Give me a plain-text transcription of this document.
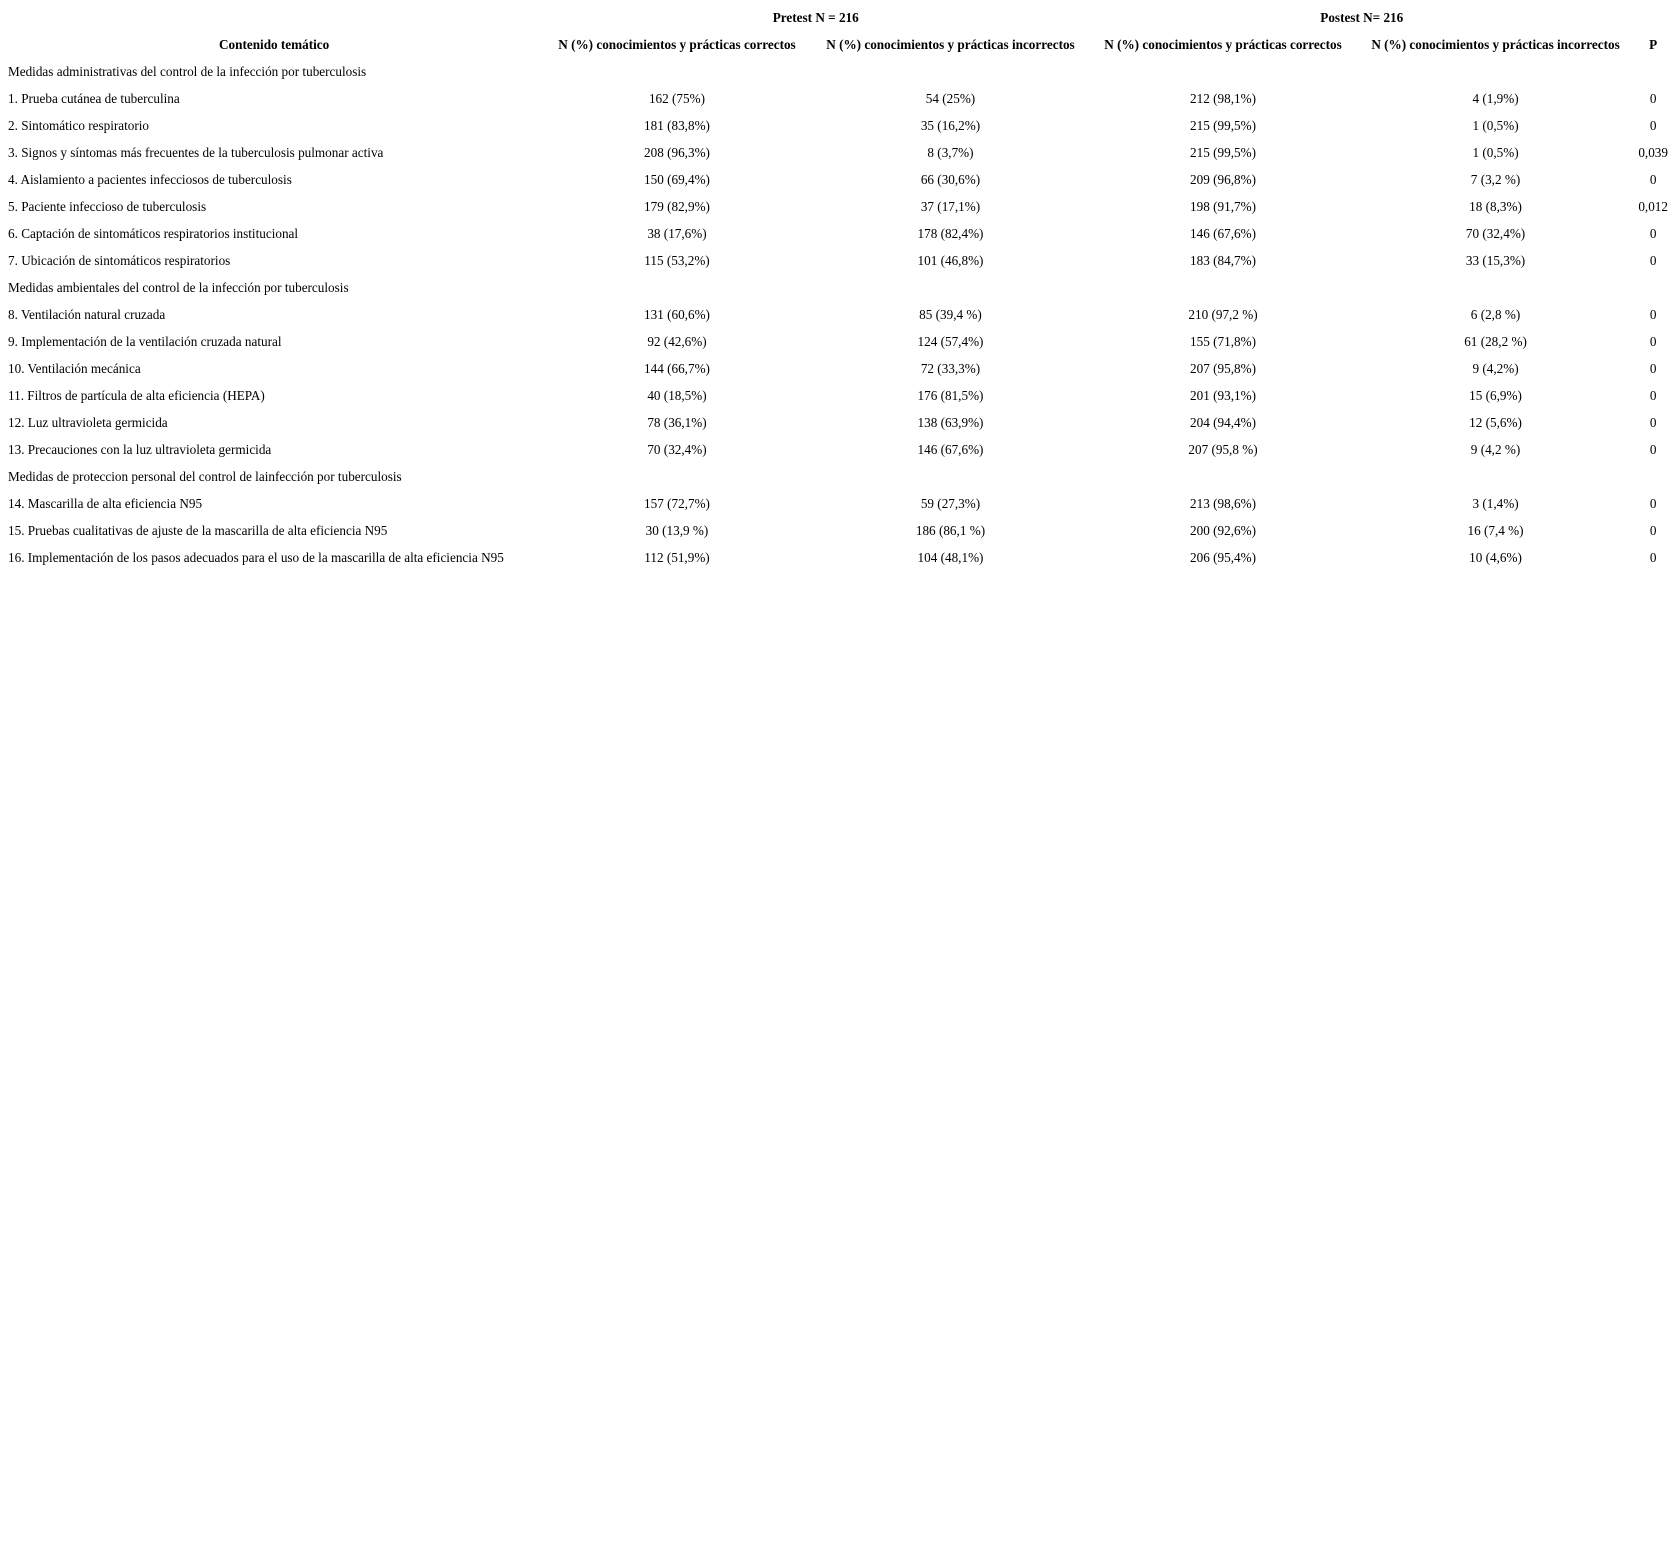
	Pretest N = 216		Postest N= 216		
Contenido temático	N (%) conocimientos y prácticas correctos	N (%) conocimientos y prácticas incorrectos	N (%) conocimientos y prácticas correctos	N (%) conocimientos y prácticas incorrectos	P
Medidas administrativas del control de la infección por tuberculosis					
1. Prueba cutánea de tuberculina	162 (75%)	54 (25%)	212 (98,1%)	4 (1,9%)	0
2. Sintomático respiratorio	181 (83,8%)	35 (16,2%)	215 (99,5%)	1 (0,5%)	0
3. Signos y síntomas más frecuentes de la tuberculosis pulmonar activa	208 (96,3%)	8 (3,7%)	215 (99,5%)	1 (0,5%)	0,039
4. Aislamiento a pacientes infecciosos de tuberculosis	150 (69,4%)	66 (30,6%)	209 (96,8%)	7 (3,2 %)	0
5. Paciente infeccioso de tuberculosis	179 (82,9%)	37 (17,1%)	198 (91,7%)	18 (8,3%)	0,012
6. Captación de sintomáticos respiratorios institucional	38 (17,6%)	178 (82,4%)	146 (67,6%)	70 (32,4%)	0
7. Ubicación de sintomáticos respiratorios	115 (53,2%)	101 (46,8%)	183 (84,7%)	33 (15,3%)	0
Medidas ambientales del control de la infección por tuberculosis					
8. Ventilación natural cruzada	131 (60,6%)	85 (39,4 %)	210 (97,2 %)	6 (2,8 %)	0
9. Implementación de la ventilación cruzada natural	92 (42,6%)	124 (57,4%)	155 (71,8%)	61 (28,2 %)	0
10. Ventilación mecánica	144 (66,7%)	72 (33,3%)	207 (95,8%)	9 (4,2%)	0
11. Filtros de partícula de alta eficiencia (HEPA)	40 (18,5%)	176 (81,5%)	201 (93,1%)	15 (6,9%)	0
12. Luz ultravioleta germicida	78 (36,1%)	138 (63,9%)	204 (94,4%)	12 (5,6%)	0
13. Precauciones con la luz ultravioleta germicida	70 (32,4%)	146 (67,6%)	207 (95,8 %)	9 (4,2 %)	0
Medidas de proteccion personal del control de lainfección por tuberculosis					
14. Mascarilla de alta eficiencia N95	157 (72,7%)	59 (27,3%)	213 (98,6%)	3 (1,4%)	0
15. Pruebas cualitativas de ajuste de la mascarilla de alta eficiencia N95	30 (13,9 %)	186 (86,1 %)	200 (92,6%)	16 (7,4 %)	0
16. Implementación de los pasos adecuados para el uso de la mascarilla de alta eficiencia N95	112 (51,9%)	104 (48,1%)	206 (95,4%)	10 (4,6%)	0
